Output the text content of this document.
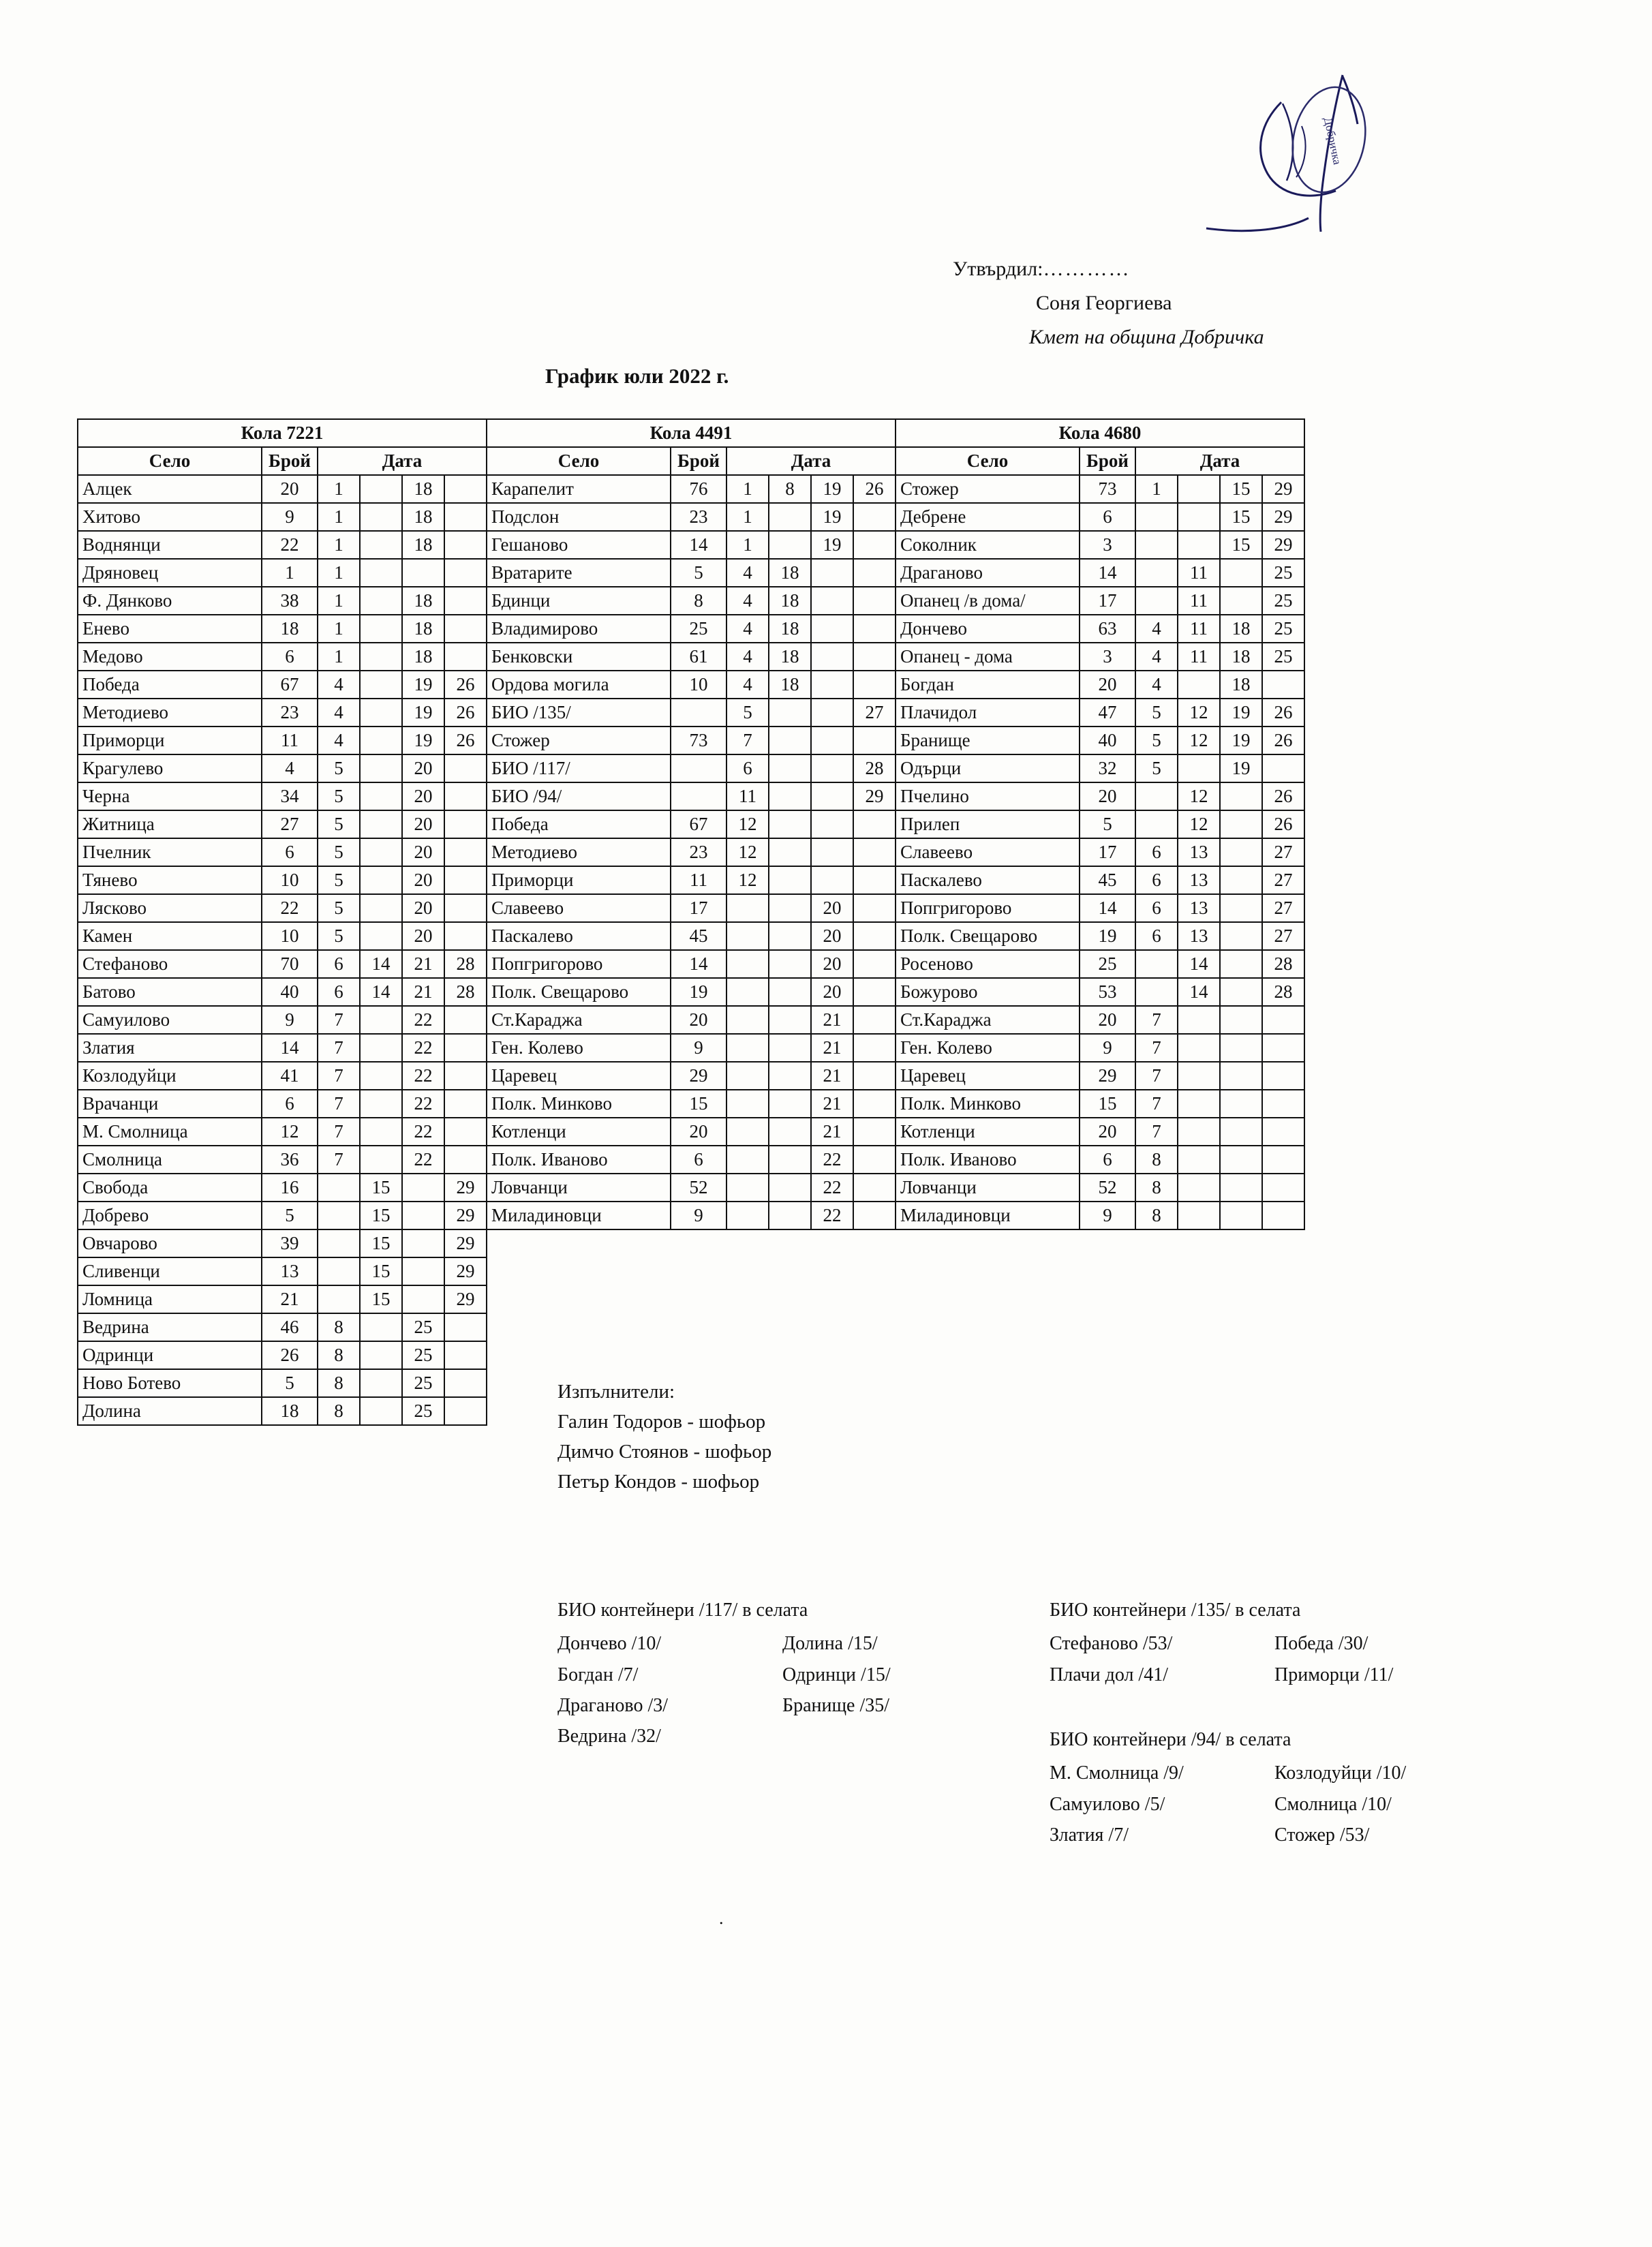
Добричка
Утвърдил:…………
Соня Георгиева
Кмет на община Добричка
График юли 2022 г.
Кола 7221						Кола 4491						Кола 4680					
Село	Брой	Дата				Село	Брой	Дата				Село	Брой	Дата			
Алцек	20	1		18		Карапелит	76	1	8	19	26	Стожер	73	1		15	29
Хитово	9	1		18		Подслон	23	1		19		Дебрене	6			15	29
Воднянци	22	1		18		Гешаново	14	1		19		Соколник	3			15	29
Дряновец	1	1				Вратарите	5	4	18			Драганово	14		11		25
Ф. Дянково	38	1		18		Бдинци	8	4	18			Опанец /в дома/	17		11		25
Енево	18	1		18		Владимирово	25	4	18			Дончево	63	4	11	18	25
Медово	6	1		18		Бенковски	61	4	18			Опанец - дома	3	4	11	18	25
Победа	67	4		19	26	Ордова могила	10	4	18			Богдан	20	4		18	
Методиево	23	4		19	26	БИО /135/		5			27	Плачидол	47	5	12	19	26
Приморци	11	4		19	26	Стожер	73	7				Бранище	40	5	12	19	26
Крагулево	4	5		20		БИО /117/		6			28	Одърци	32	5		19	
Черна	34	5		20		БИО /94/		11			29	Пчелино	20		12		26
Житница	27	5		20		Победа	67	12				Прилеп	5		12		26
Пчелник	6	5		20		Методиево	23	12				Славеево	17	6	13		27
Тяневo	10	5		20		Приморци	11	12				Паскалево	45	6	13		27
Лясково	22	5		20		Славеево	17			20		Попгригорово	14	6	13		27
Камен	10	5		20		Паскалево	45			20		Полк. Свещарово	19	6	13		27
Стефаново	70	6	14	21	28	Попгригорово	14			20		Росеново	25		14		28
Батово	40	6	14	21	28	Полк. Свещарово	19			20		Божурово	53		14		28
Самуилово	9	7		22		Ст.Караджа	20			21		Ст.Караджа	20	7			
Златия	14	7		22		Ген. Колево	9			21		Ген. Колево	9	7			
Козлодуйци	41	7		22		Царевец	29			21		Царевец	29	7			
Врачанци	6	7		22		Полк. Минково	15			21		Полк. Минково	15	7			
М. Смолница	12	7		22		Котленци	20			21		Котленци	20	7			
Смолница	36	7		22		Полк. Иваново	6			22		Полк. Иваново	6	8			
Свобода	16		15		29	Ловчанци	52			22		Ловчанци	52	8			
Добрево	5		15		29	Миладиновци	9			22		Миладиновци	9	8			
Овчарово	39		15		29												
Сливенци	13		15		29												
Ломница	21		15		29												
Ведрина	46	8		25													
Одринци	26	8		25													
Ново Ботево	5	8		25													
Долина	18	8		25													
Изпълнители:
Галин Тодоров - шофьор
Димчо Стоянов - шофьор
Петър Кондов - шофьор
БИО контейнери /117/ в селата
Дончево /10/	Долина /15/
Богдан /7/	Одринци /15/
Драганово /3/	Бранище /35/
Ведрина /32/
БИО контейнери /135/ в селата
Стефаново /53/	Победа /30/
Плачи дол /41/	Приморци /11/
БИО контейнери /94/ в селата
М. Смолница /9/	Козлодуйци /10/
Самуилово /5/	Смолница /10/
Златия /7/	Стожер /53/
.
